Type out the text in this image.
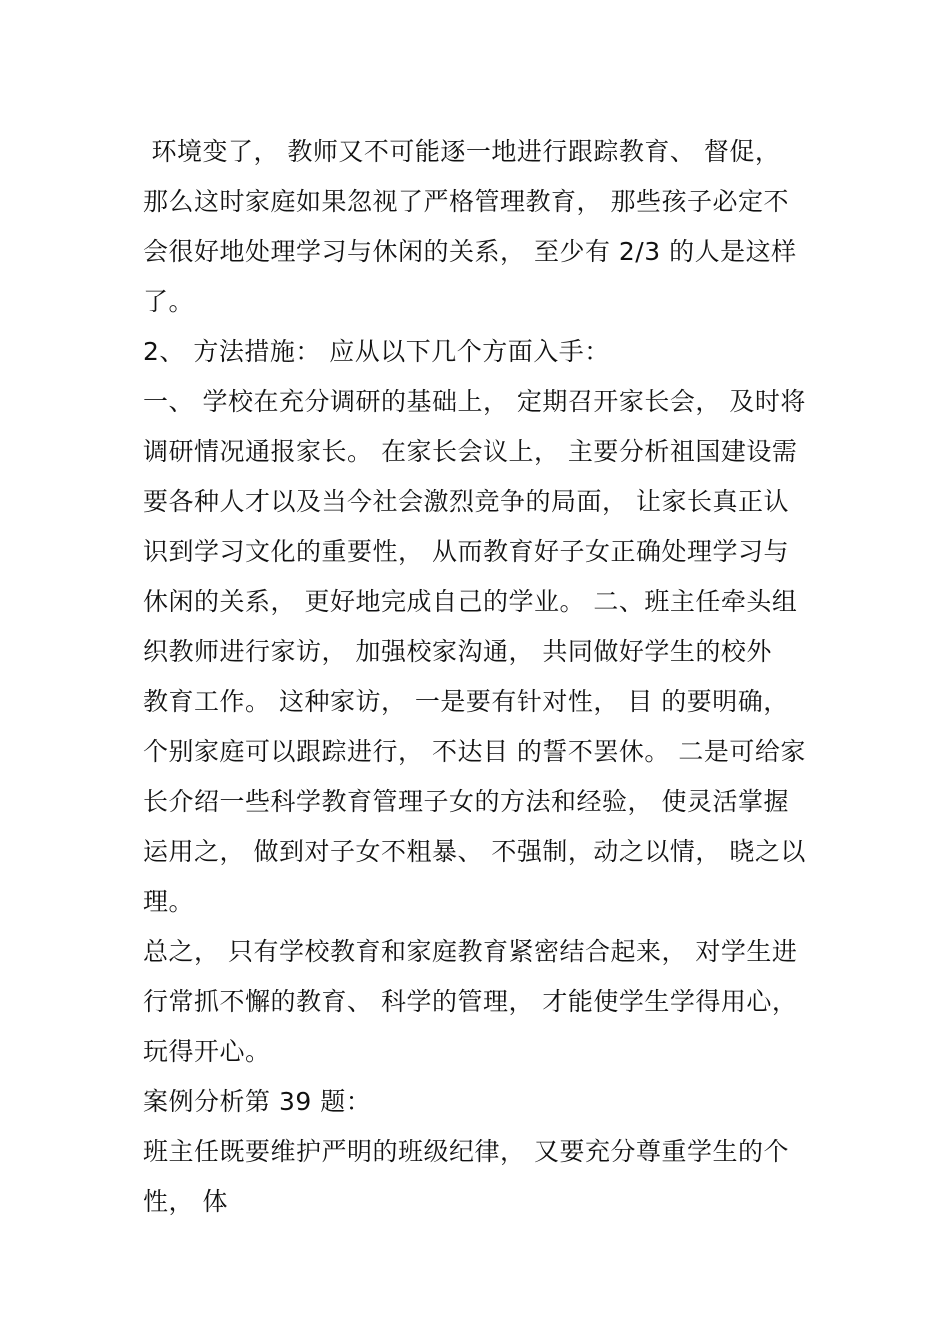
环境变了， 教师又不可能逐一地进行跟踪教育、 督促，
那么这时家庭如果忽视了严格管理教育， 那些孩子必定不
会很好地处理学习与休闲的关系， 至少有 2/3 的人是这样
了。
2、 方法措施： 应从以下几个方面入手：
一、 学校在充分调研的基础上， 定期召开家长会， 及时将
调研情况通报家长。 在家长会议上， 主要分析祖国建设需
要各种人才以及当今社会激烈竞争的局面， 让家长真正认
识到学习文化的重要性， 从而教育好子女正确处理学习与
休闲的关系， 更好地完成自己的学业。 二、班主任牵头组
织教师进行家访， 加强校家沟通， 共同做好学生的校外
教育工作。 这种家访， 一是要有针对性， 目 的要明确，
个别家庭可以跟踪进行， 不达目 的誓不罢休。 二是可给家
长介绍一些科学教育管理子女的方法和经验， 使灵活掌握
运用之， 做到对子女不粗暴、 不强制，动之以情， 晓之以
理。
总之， 只有学校教育和家庭教育紧密结合起来， 对学生进
行常抓不懈的教育、 科学的管理， 才能使学生学得用心，
玩得开心。
案例分析第 39 题：
班主任既要维护严明的班级纪律， 又要充分尊重学生的个
性， 体
